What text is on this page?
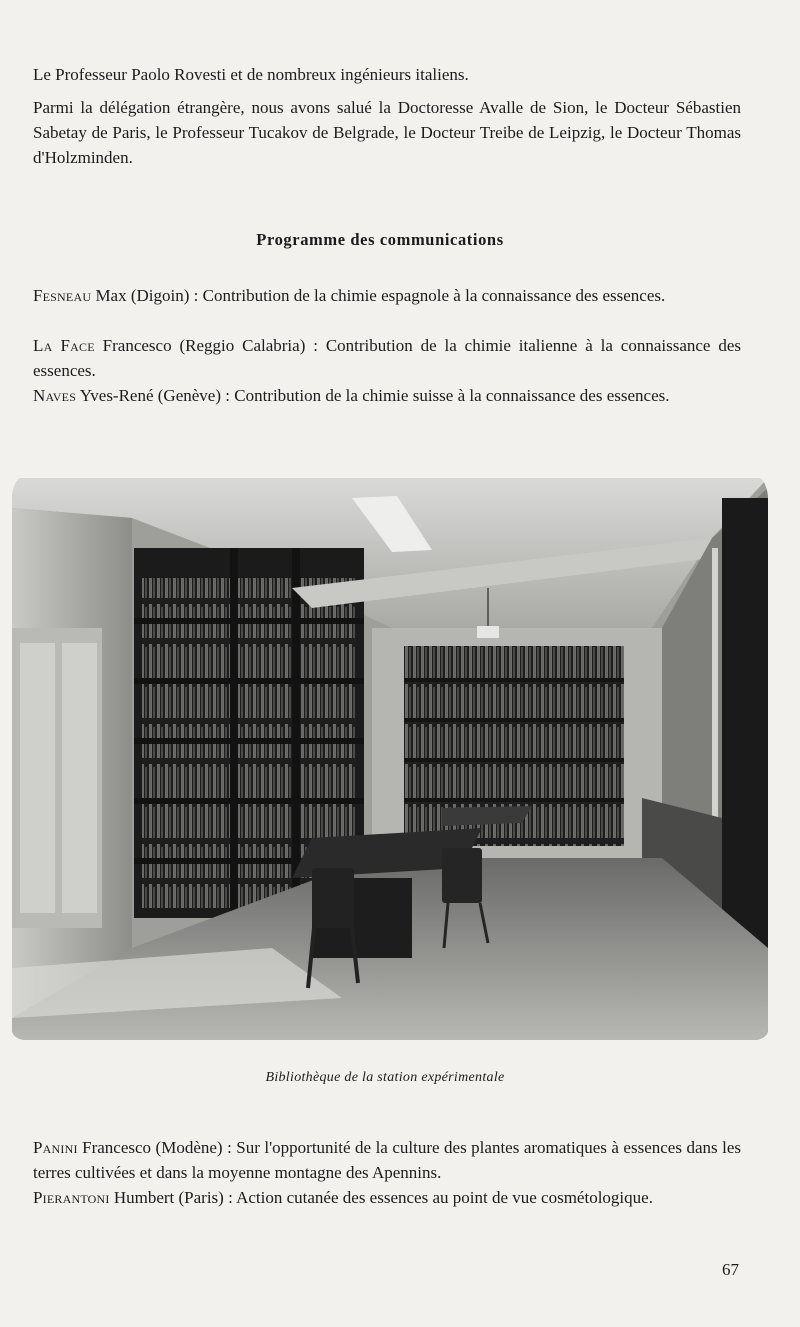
Le Professeur Paolo Rovesti et de nombreux ingénieurs italiens.

Parmi la délégation étrangère, nous avons salué la Doctoresse Avalle de Sion, le Docteur Sébastien Sabetay de Paris, le Professeur Tucakov de Belgrade, le Docteur Treibe de Leipzig, le Docteur Thomas d'Holzminden.

Programme des communications

Fesneau Max (Digoin) : Contribution de la chimie espagnole à la connaissance des essences.

La Face Francesco (Reggio Calabria) : Contribution de la chimie italienne à la connaissance des essences.

Naves Yves-René (Genève) : Contribution de la chimie suisse à la connaissance des essences.

Bibliothèque de la station expérimentale

Panini Francesco (Modène) : Sur l'opportunité de la culture des plantes aromatiques à essences dans les terres cultivées et dans la moyenne montagne des Apennins.

Pierantoni Humbert (Paris) : Action cutanée des essences au point de vue cosmétologique.

67
